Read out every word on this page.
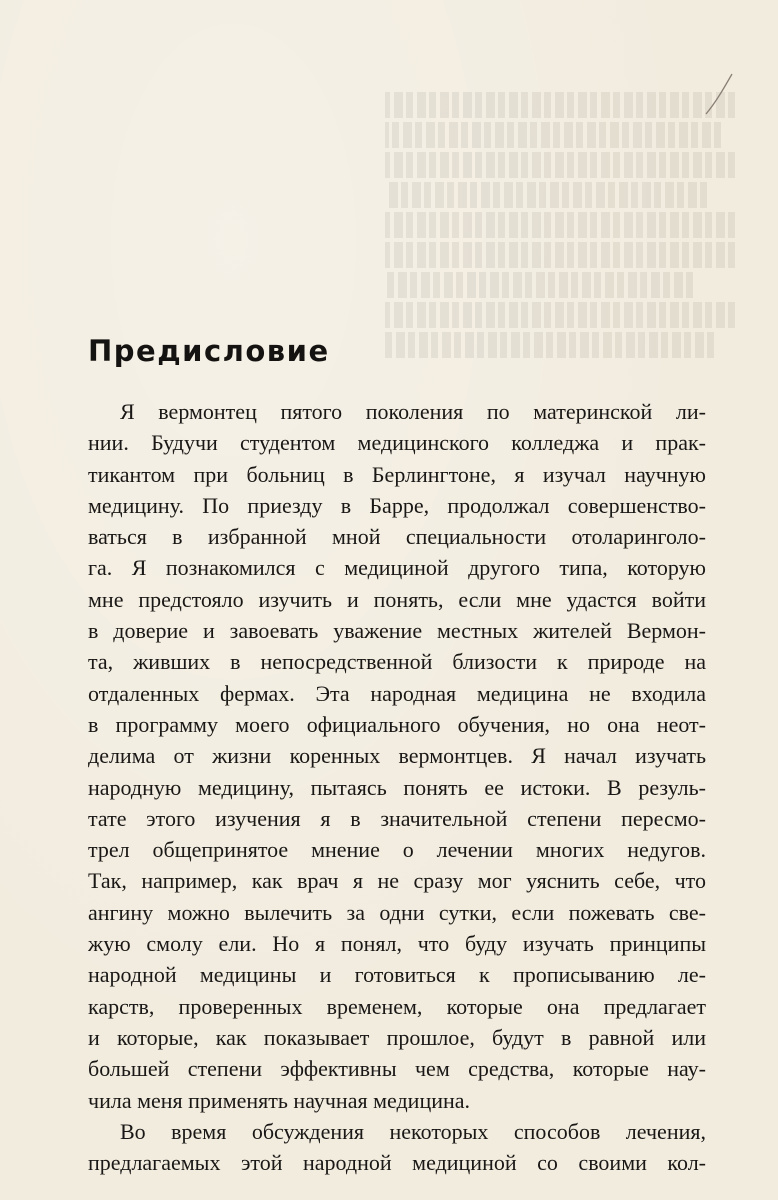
Предисловие
Я вермонтец пятого поколения по материнской ли-
нии. Будучи студентом медицинского колледжа и прак-
тикантом при больниц в Берлингтоне, я изучал научную
медицину. По приезду в Барре, продолжал совершенство-
ваться в избранной мной специальности отоларинголо-
га. Я познакомился с медициной другого типа, которую
мне предстояло изучить и понять, если мне удастся войти
в доверие и завоевать уважение местных жителей Вермон-
та, живших в непосредственной близости к природе на
отдаленных фермах. Эта народная медицина не входила
в программу моего официального обучения, но она неот-
делима от жизни коренных вермонтцев. Я начал изучать
народную медицину, пытаясь понять ее истоки. В резуль-
тате этого изучения я в значительной степени пересмо-
трел общепринятое мнение о лечении многих недугов.
Так, например, как врач я не сразу мог уяснить себе, что
ангину можно вылечить за одни сутки, если пожевать све-
жую смолу ели. Но я понял, что буду изучать принципы
народной медицины и готовиться к прописыванию ле-
карств, проверенных временем, которые она предлагает
и которые, как показывает прошлое, будут в равной или
большей степени эффективны чем средства, которые нау-
чила меня применять научная медицина.
Во время обсуждения некоторых способов лечения,
предлагаемых этой народной медициной со своими кол-
